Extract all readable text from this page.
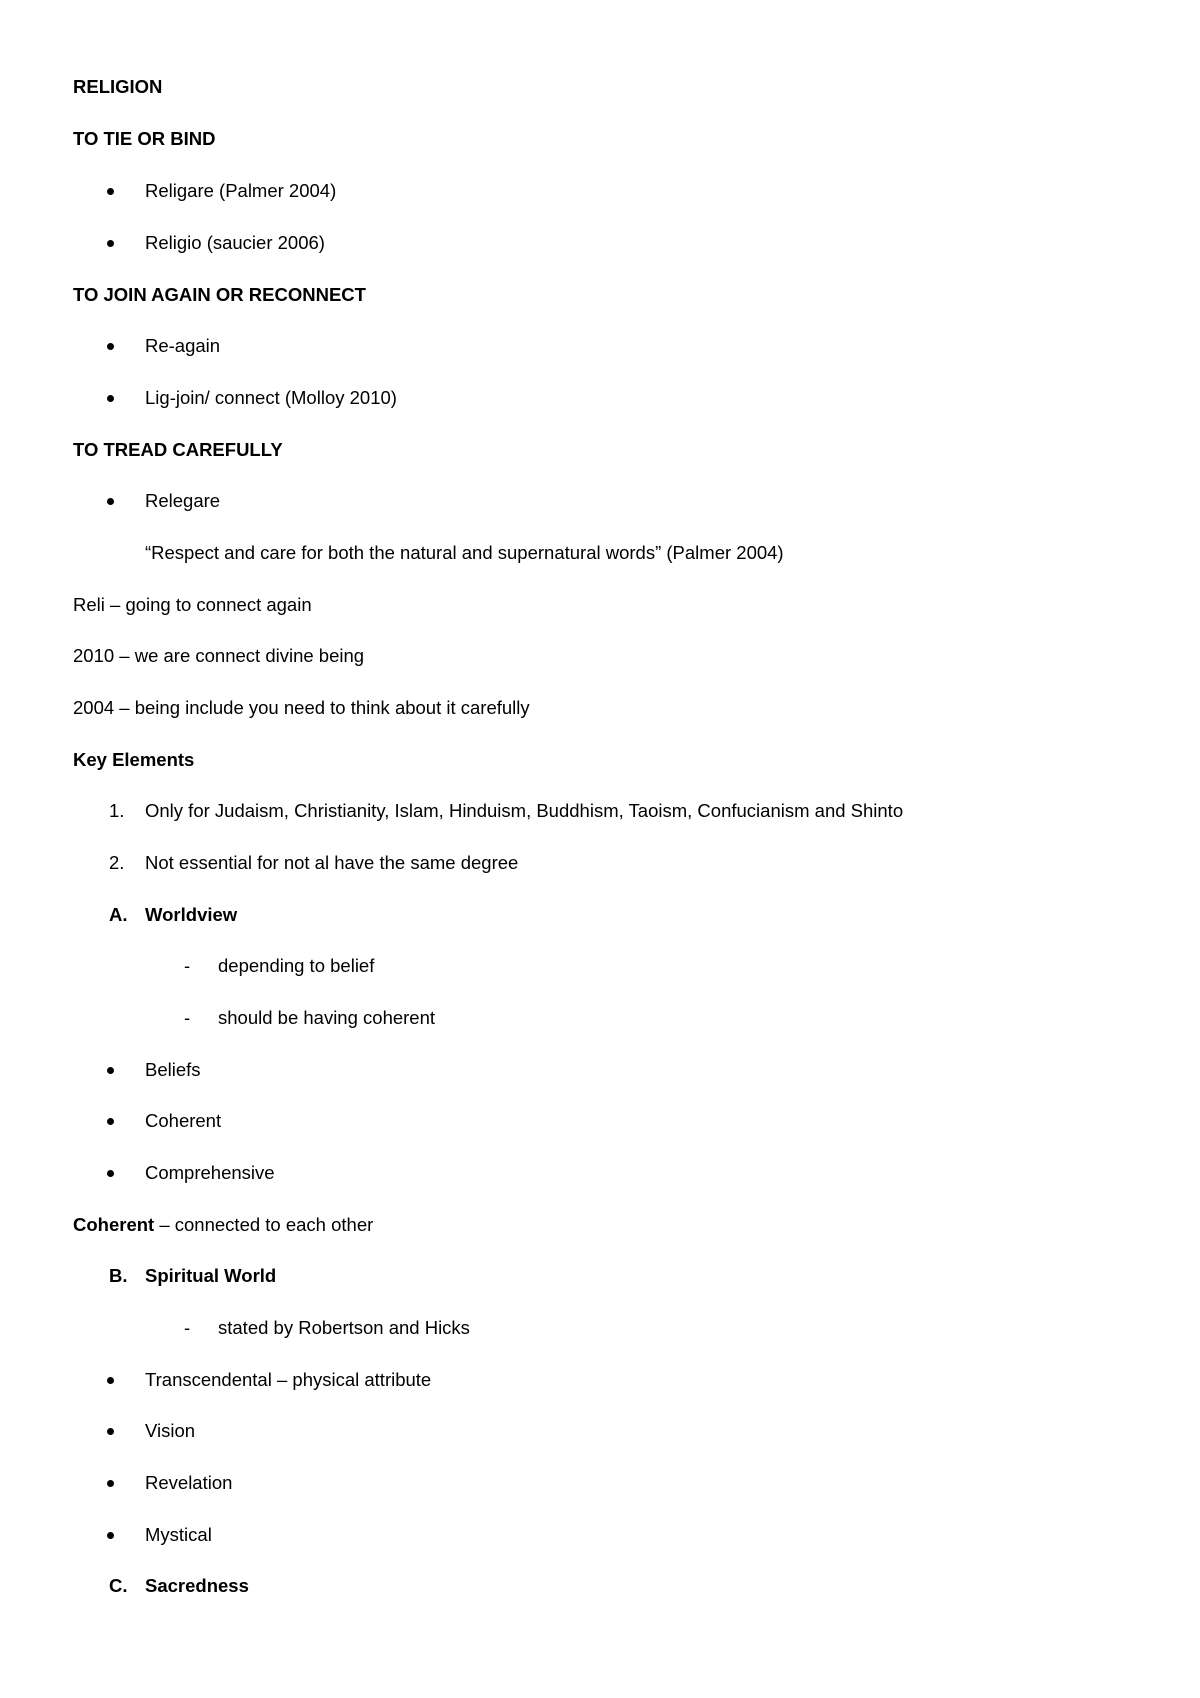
RELIGION
TO TIE OR BIND
Religare (Palmer 2004)
Religio (saucier 2006)
TO JOIN AGAIN OR RECONNECT
Re-again
Lig-join/ connect (Molloy 2010)
TO TREAD CAREFULLY
Relegare
“Respect and care for both the natural and supernatural words” (Palmer 2004)
Reli – going to connect again
2010 – we are connect divine being
2004 – being include you need to think about it carefully
Key Elements
1. Only for Judaism, Christianity, Islam, Hinduism, Buddhism, Taoism, Confucianism and Shinto
2. Not essential for not al have the same degree
A. Worldview
- depending to belief
- should be having coherent
Beliefs
Coherent
Comprehensive
Coherent – connected to each other
B. Spiritual World
- stated by Robertson and Hicks
Transcendental – physical attribute
Vision
Revelation
Mystical
C. Sacredness
